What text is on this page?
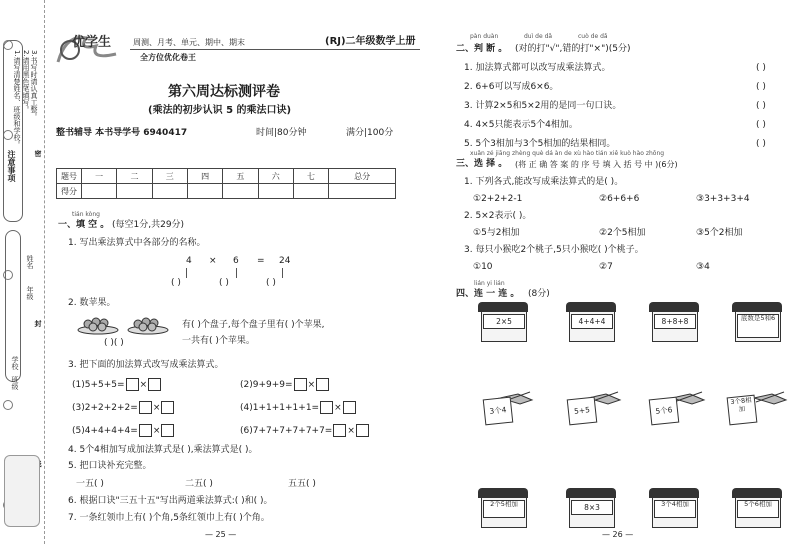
注意事项
1.请写清楚姓名、班级和学校。 2.请用黑色笔填写。 3.书写时请认真工整。
年级
姓名
学校
班级
密
封
优学生	周测、月考、单元、期中、期末
全方位优化卷王
(RJ)二年级数学上册
第六周达标测评卷
(乘法的初步认识 5 的乘法口诀)
整书辅导 本书导学号 6940417	时间|80分钟	满分|100分
题号	一	二	三	四	五	六	七	总分
得分								
tián kòng
一、填 空 。 (每空1分,共29分)
1. 写出乘法算式中各部分的名称。
4 × 6 = 24
( )	( )	( )
2. 数苹果。
有( )个盘子,每个盘子里有( )个苹果,
( )( )	一共有( )个苹果。
3. 把下面的加法算式改写成乘法算式。
(1)5+5+5= ×	(2)9+9+9= ×
(3)2+2+2+2= ×	(4)1+1+1+1+1= ×
(5)4+4+4+4= ×	(6)7+7+7+7+7+7= ×
4. 5个4相加写成加法算式是( ),乘法算式是( )。
5. 把口诀补充完整。
一五( )	二五( )	五五( )
6. 根据口诀"三五十五"写出两道乘法算式:( )和( )。
7. 一条红领巾上有( )个角,5条红领巾上有( )个角。
— 25 —
pàn duàn	duì de dǎ	cuò de dǎ
二、判 断 。 (对的打"√",错的打"×")(5分)
1. 加法算式都可以改写成乘法算式。
2. 6+6可以写成6×6。
3. 计算2×5和5×2用的是同一句口诀。
4. 4×5只能表示5个4相加。
5. 5个3相加与3个5相加的结果相同。
( )
( )
( )
( )
( )
xuǎn zé jiāng zhèng què dá àn de xù hào tián xiě kuò hào zhōng
三、选 择 。 (将 正 确 答 案 的 序 号 填 入 括 号 中 )(6分)
1. 下列各式,能改写成乘法算式的是( )。
①2+2+2-1	②6+6+6	③3+3+3+4
2. 5×2表示( )。
①5与2相加	②2个5相加	③5个2相加
3. 每只小猴吃2个桃子,5只小猴吃( )个桃子。
①10	②7	③4
lián yi lián
四、连 一 连 。 (8分)
2×5	4+4+4	8+8+8	底数是5和6
3个4	5+5	5个6
3个8相加
2个5相加	8×3	3个4相加	5个6相加
— 26 —
